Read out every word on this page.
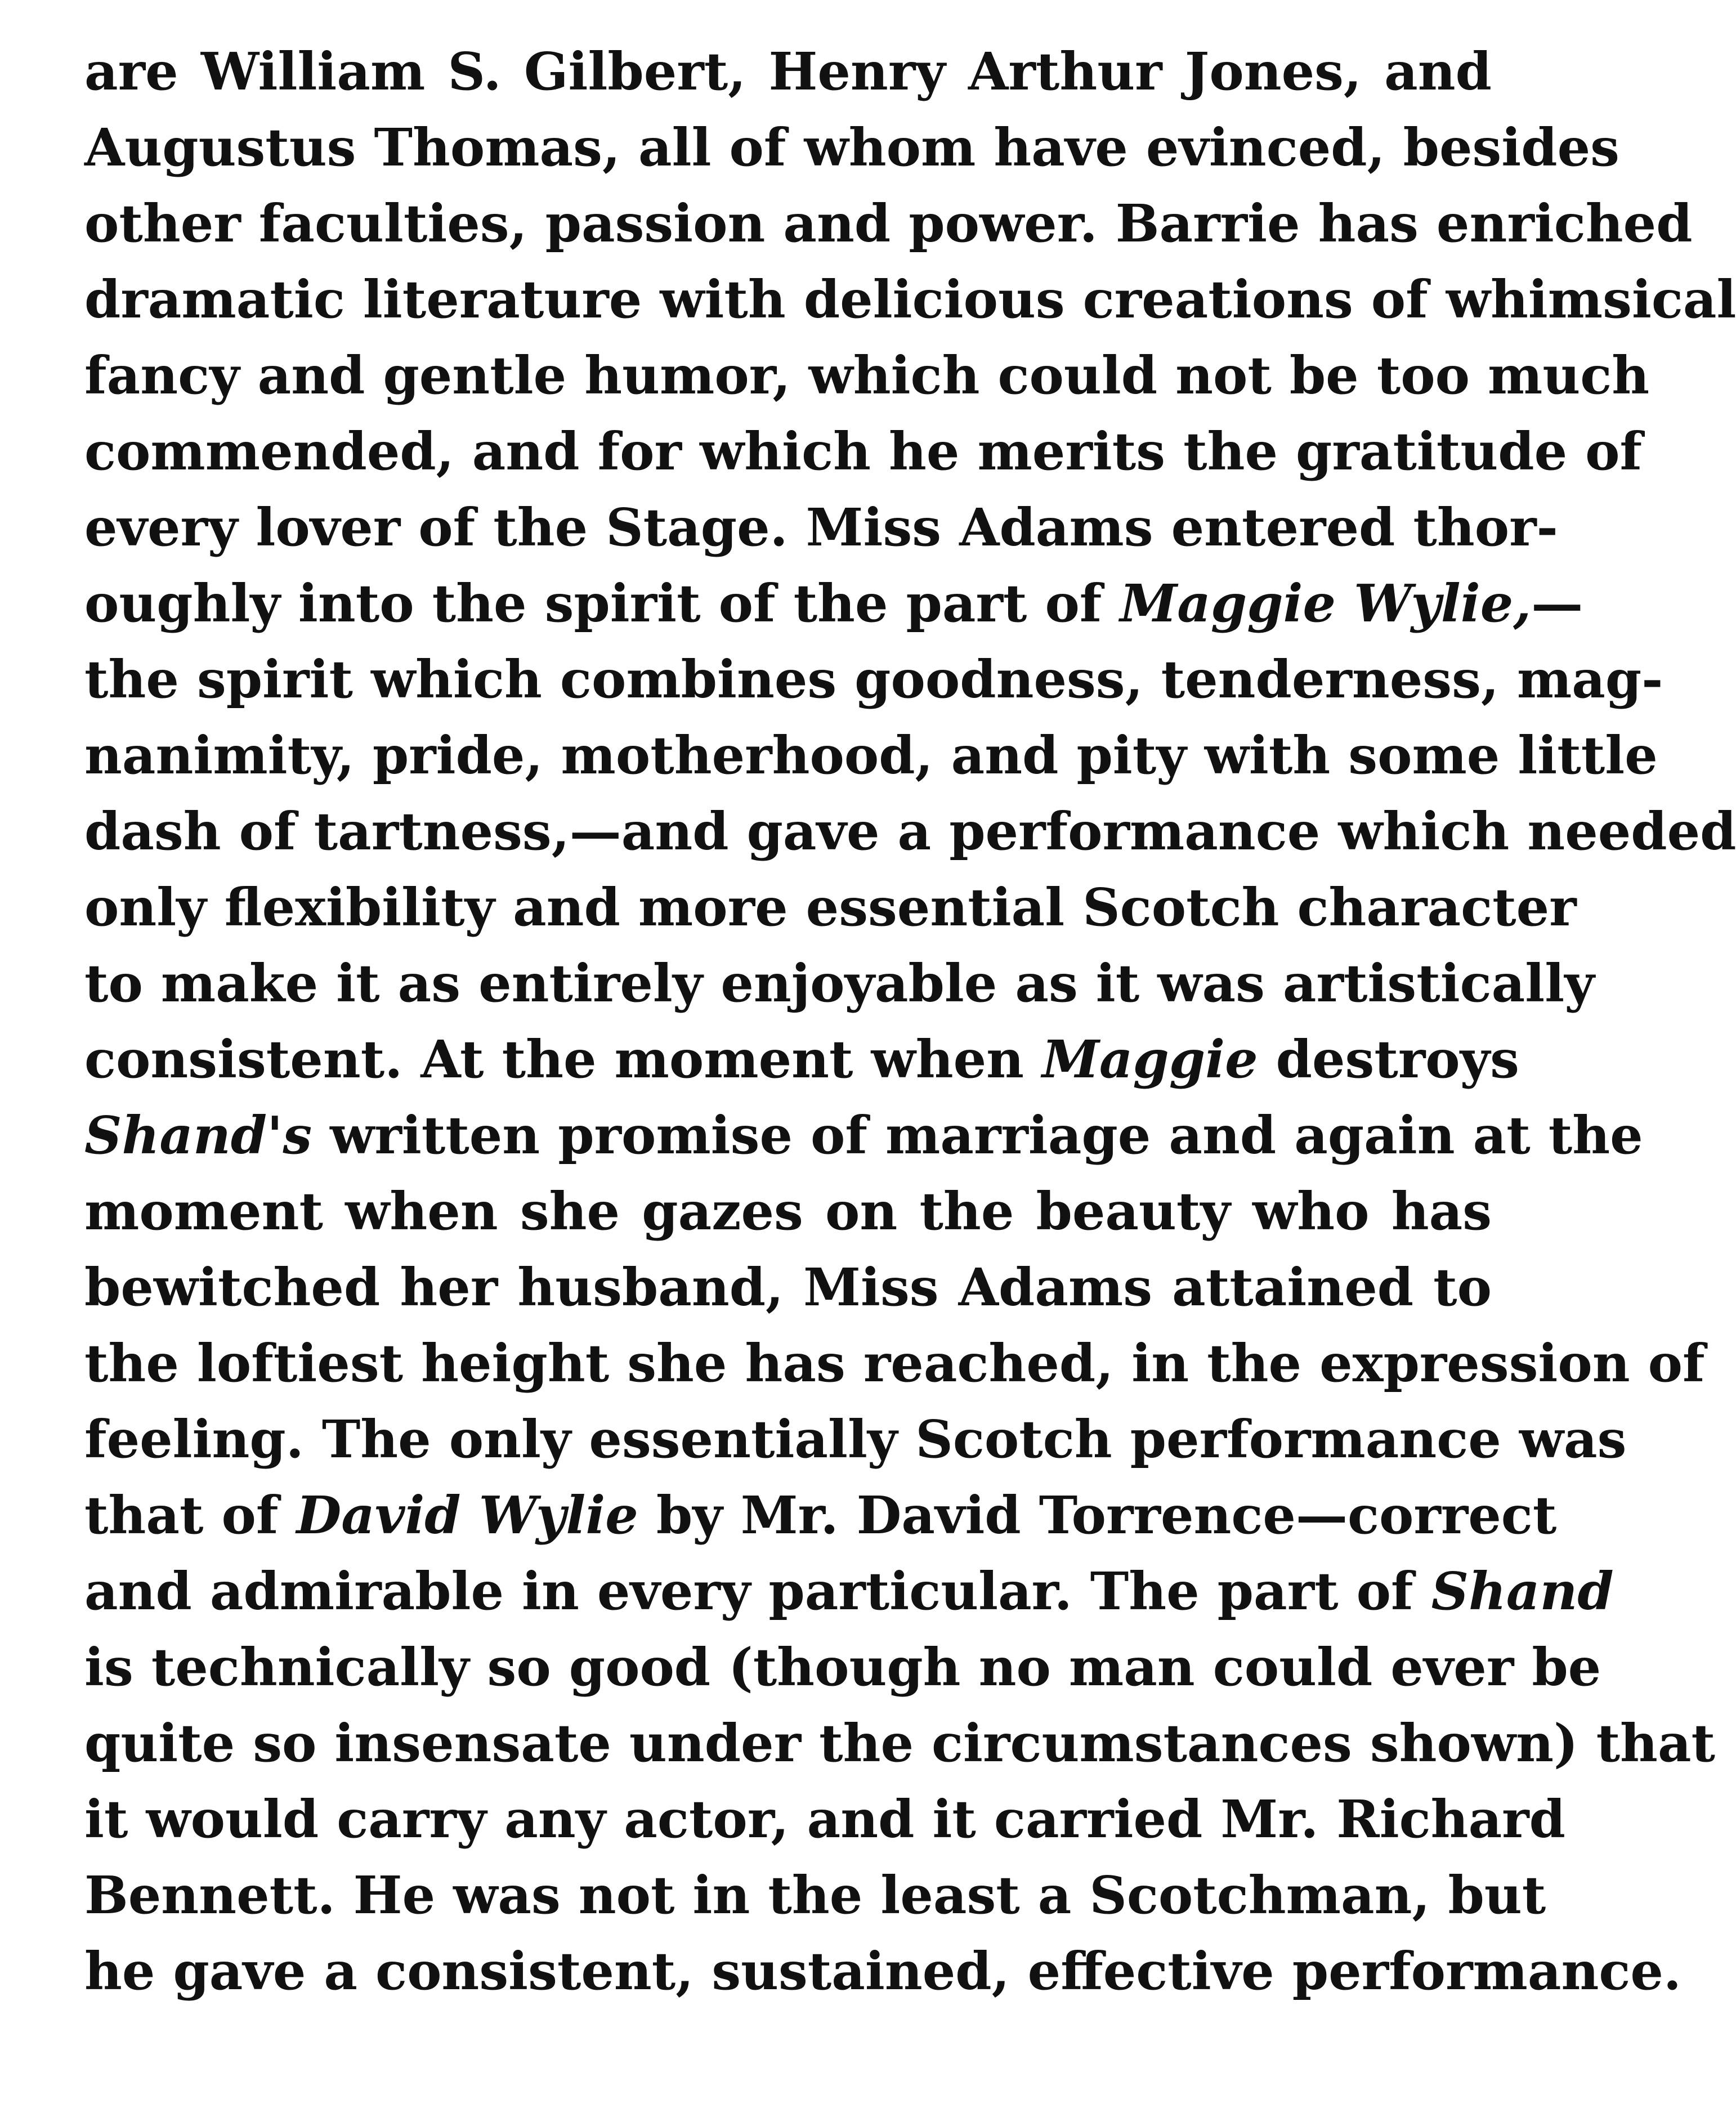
are William S. Gilbert, Henry Arthur Jones, and
Augustus Thomas, all of whom have evinced, besides
other faculties, passion and power. Barrie has enriched
dramatic literature with delicious creations of whimsical
fancy and gentle humor, which could not be too much
commended, and for which he merits the gratitude of
every lover of the Stage. Miss Adams entered thor-
oughly into the spirit of the part of Maggie Wylie,—
the spirit which combines goodness, tenderness, mag-
nanimity, pride, motherhood, and pity with some little
dash of tartness,—and gave a performance which needed
only flexibility and more essential Scotch character
to make it as entirely enjoyable as it was artistically
consistent. At the moment when Maggie destroys
Shand's written promise of marriage and again at the
moment when she gazes on the beauty who has
bewitched her husband, Miss Adams attained to
the loftiest height she has reached, in the expression of
feeling. The only essentially Scotch performance was
that of David Wylie by Mr. David Torrence—correct
and admirable in every particular. The part of Shand
is technically so good (though no man could ever be
quite so insensate under the circumstances shown) that
it would carry any actor, and it carried Mr. Richard
Bennett. He was not in the least a Scotchman, but
he gave a consistent, sustained, effective performance.
